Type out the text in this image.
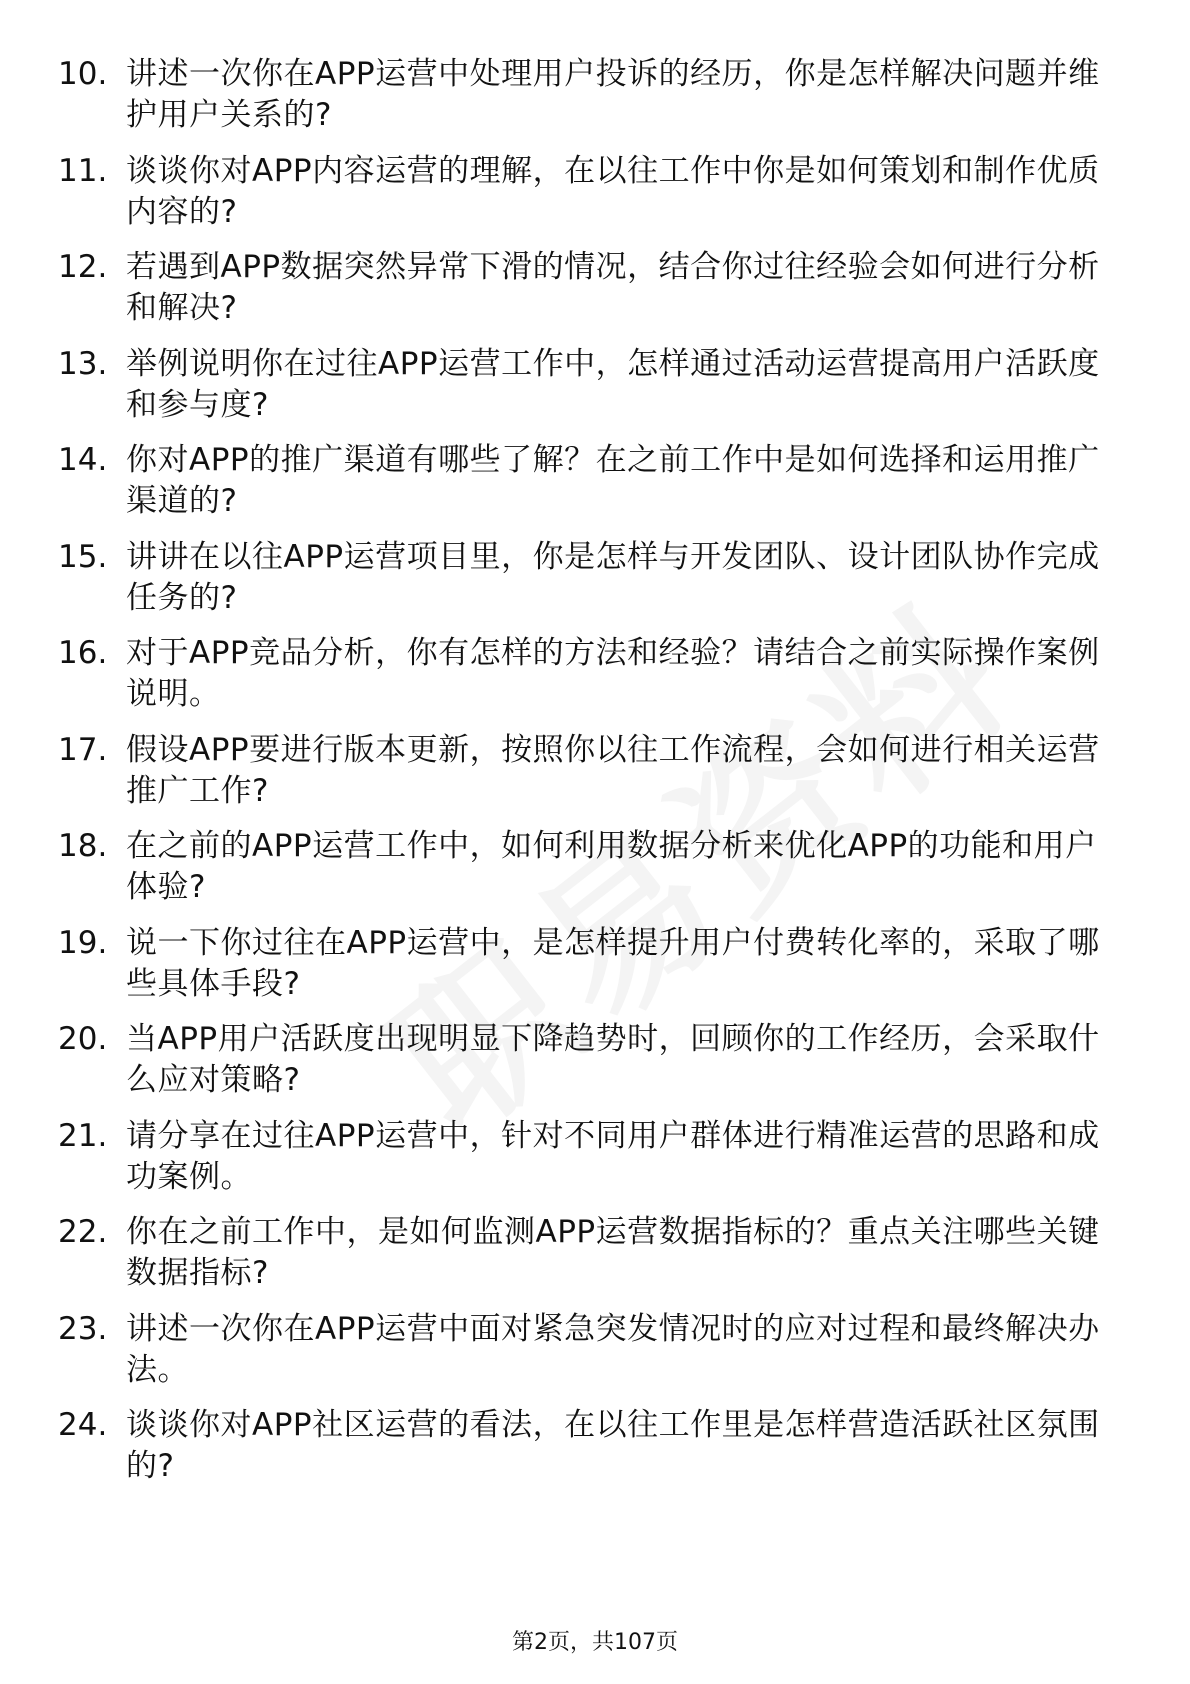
10. 讲述一次你在APP运营中处理用户投诉的经历，你是怎样解决问题并维护用户关系的?
11. 谈谈你对APP内容运营的理解，在以往工作中你是如何策划和制作优质内容的?
12. 若遇到APP数据突然异常下滑的情况，结合你过往经验会如何进行分析和解决?
13. 举例说明你在过往APP运营工作中，怎样通过活动运营提高用户活跃度和参与度?
14. 你对APP的推广渠道有哪些了解？在之前工作中是如何选择和运用推广渠道的?
15. 讲讲在以往APP运营项目里，你是怎样与开发团队、设计团队协作完成任务的?
16. 对于APP竞品分析，你有怎样的方法和经验？请结合之前实际操作案例说明。
17. 假设APP要进行版本更新，按照你以往工作流程，会如何进行相关运营推广工作?
18. 在之前的APP运营工作中，如何利用数据分析来优化APP的功能和用户体验?
19. 说一下你过往在APP运营中，是怎样提升用户付费转化率的，采取了哪些具体手段?
20. 当APP用户活跃度出现明显下降趋势时，回顾你的工作经历，会采取什么应对策略?
21. 请分享在过往APP运营中，针对不同用户群体进行精准运营的思路和成功案例。
22. 你在之前工作中，是如何监测APP运营数据指标的？重点关注哪些关键数据指标?
23. 讲述一次你在APP运营中面对紧急突发情况时的应对过程和最终解决办法。
24. 谈谈你对APP社区运营的看法，在以往工作里是怎样营造活跃社区氛围的?
第2页，共107页
